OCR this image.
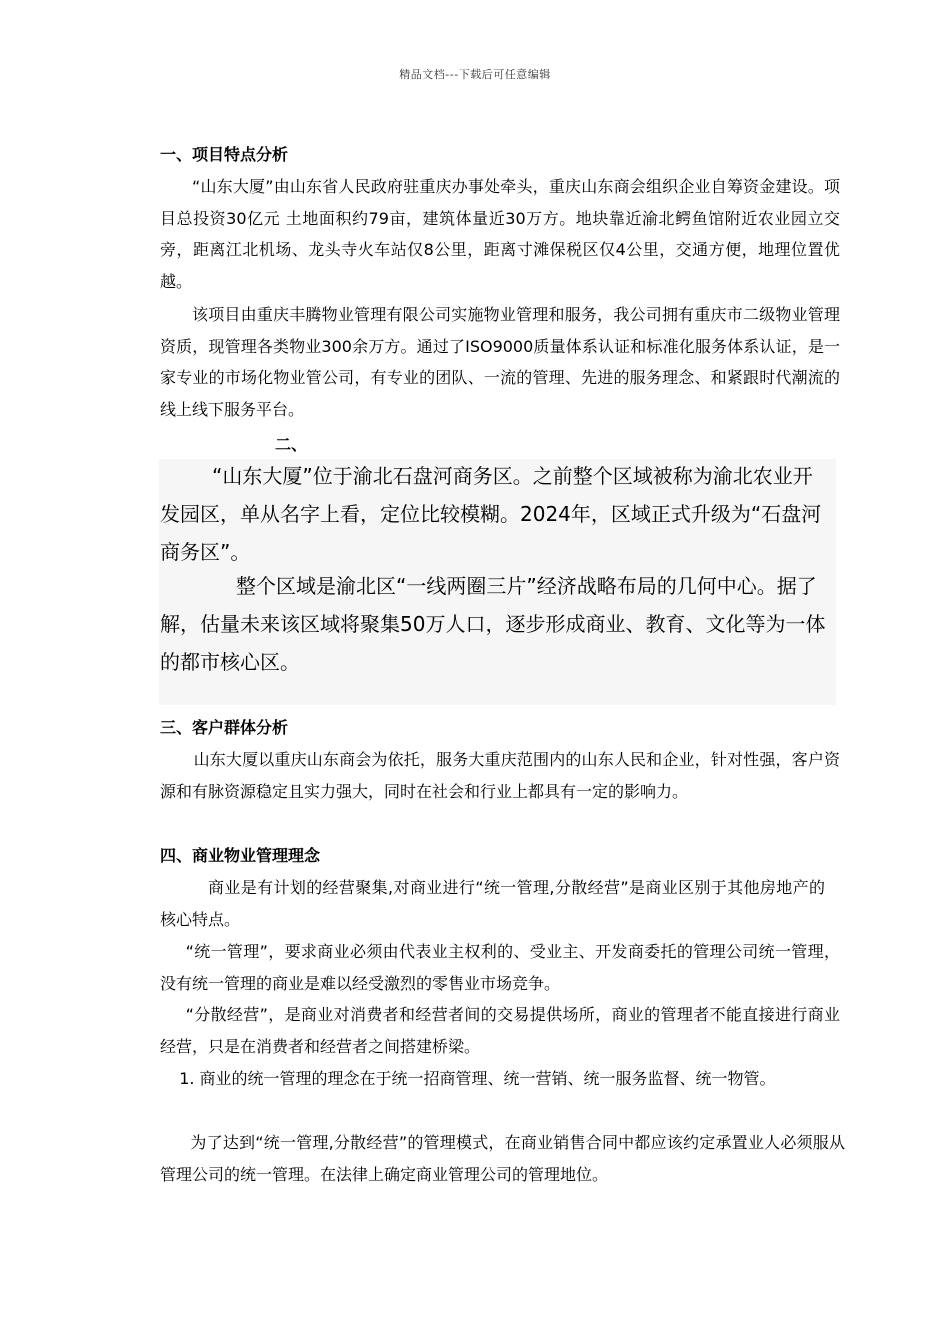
精品文档---下载后可任意编辑
一、项目特点分析

“山东大厦”由山东省人民政府驻重庆办事处牵头，重庆山东商会组织企业自筹资金建设。项目总投资30亿元 土地面积约79亩，建筑体量近30万方。地块靠近渝北鳄鱼馆附近农业园立交旁，距离江北机场、龙头寺火车站仅8公里，距离寸滩保税区仅4公里，交通方便，地理位置优越。

该项目由重庆丰腾物业管理有限公司实施物业管理和服务，我公司拥有重庆市二级物业管理资质，现管理各类物业300余万方。通过了ISO9000质量体系认证和标准化服务体系认证，是一家专业的市场化物业管公司，有专业的团队、一流的管理、先进的服务理念、和紧跟时代潮流的线上线下服务平台。

二、

“山东大厦”位于渝北石盘河商务区。之前整个区域被称为渝北农业开发园区，单从名字上看，定位比较模糊。2024年，区域正式升级为“石盘河商务区”。

整个区域是渝北区“一线两圈三片”经济战略布局的几何中心。据了解，估量未来该区域将聚集50万人口，逐步形成商业、教育、文化等为一体的都市核心区。

三、客户群体分析

山东大厦以重庆山东商会为依托，服务大重庆范围内的山东人民和企业，针对性强，客户资源和有脉资源稳定且实力强大，同时在社会和行业上都具有一定的影响力。

四、商业物业管理理念

商业是有计划的经营聚集,对商业进行“统一管理,分散经营”是商业区别于其他房地产的核心特点。

“统一管理”，要求商业必须由代表业主权利的、受业主、开发商委托的管理公司统一管理，没有统一管理的商业是难以经受激烈的零售业市场竞争。

“分散经营”，是商业对消费者和经营者间的交易提供场所，商业的管理者不能直接进行商业经营，只是在消费者和经营者之间搭建桥梁。

1. 商业的统一管理的理念在于统一招商管理、统一营销、统一服务监督、统一物管。

为了达到“统一管理,分散经营”的管理模式，在商业销售合同中都应该约定承置业人必须服从管理公司的统一管理。在法律上确定商业管理公司的管理地位。
